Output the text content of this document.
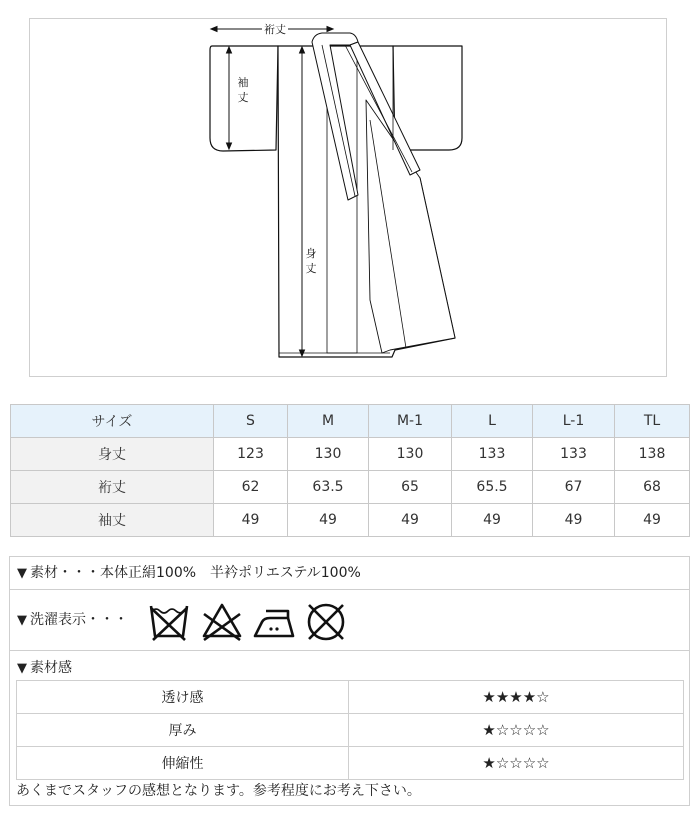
裄丈
袖
丈
身
丈
サイズ	S	M	M-1	L	L-1	TL
身丈	123	130	130	133	133	138
裄丈	62	63.5	65	65.5	67	68
袖丈	49	49	49	49	49	49
▼ 素材・・・本体正絹100%　半衿ポリエステル100%
▼ 洗濯表示・・・
▼ 素材感
透け感	★★★★☆
厚み	★☆☆☆☆
伸縮性	★☆☆☆☆
あくまでスタッフの感想となります。参考程度にお考え下さい。
